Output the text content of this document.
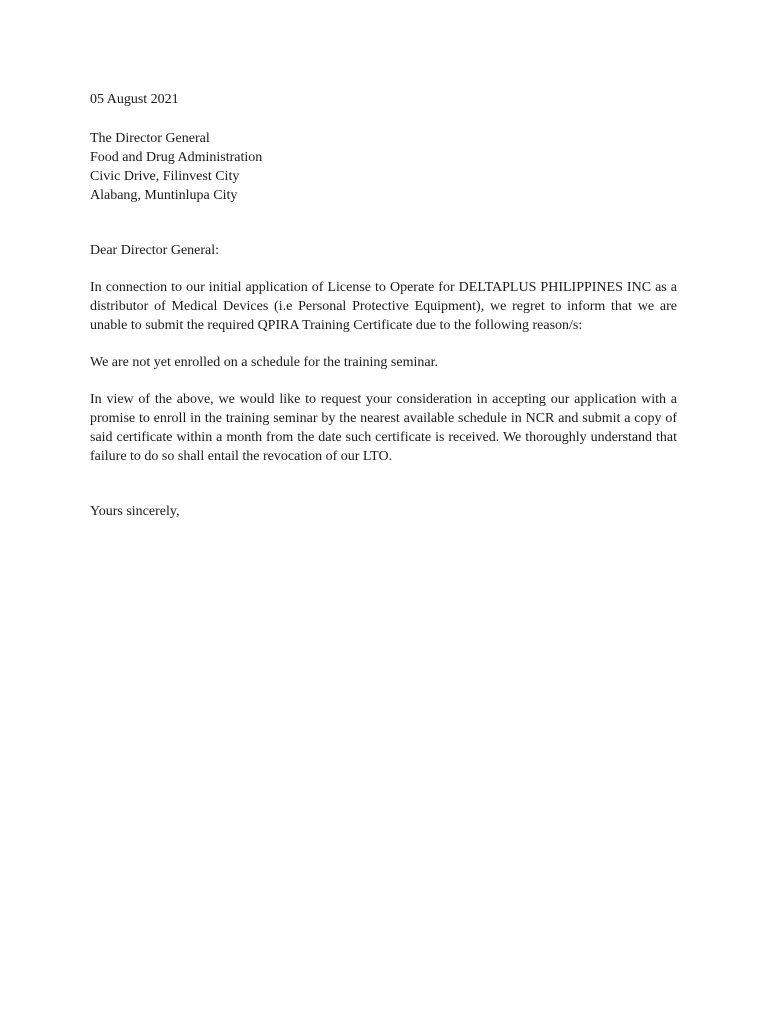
05 August 2021

The Director General
Food and Drug Administration
Civic Drive, Filinvest City
Alabang, Muntinlupa City

Dear Director General:

In connection to our initial application of License to Operate for DELTAPLUS PHILIPPINES INC as a distributor of Medical Devices (i.e Personal Protective Equipment), we regret to inform that we are unable to submit the required QPIRA Training Certificate due to the following reason/s:

We are not yet enrolled on a schedule for the training seminar.

In view of the above, we would like to request your consideration in accepting our application with a promise to enroll in the training seminar by the nearest available schedule in NCR and submit a copy of said certificate within a month from the date such certificate is received. We thoroughly understand that failure to do so shall entail the revocation of our LTO.

Yours sincerely,
